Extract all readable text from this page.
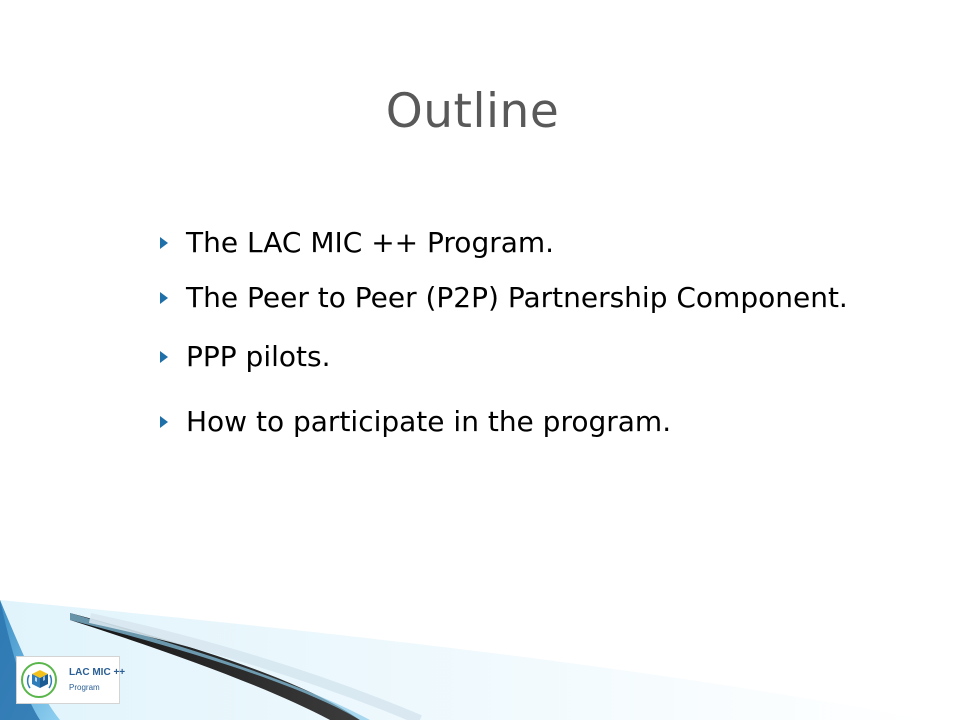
Outline
The LAC MIC ++ Program.
The Peer to Peer (P2P) Partnership Component.
PPP pilots.
How to participate in the program.
LAC MIC ++
Program
